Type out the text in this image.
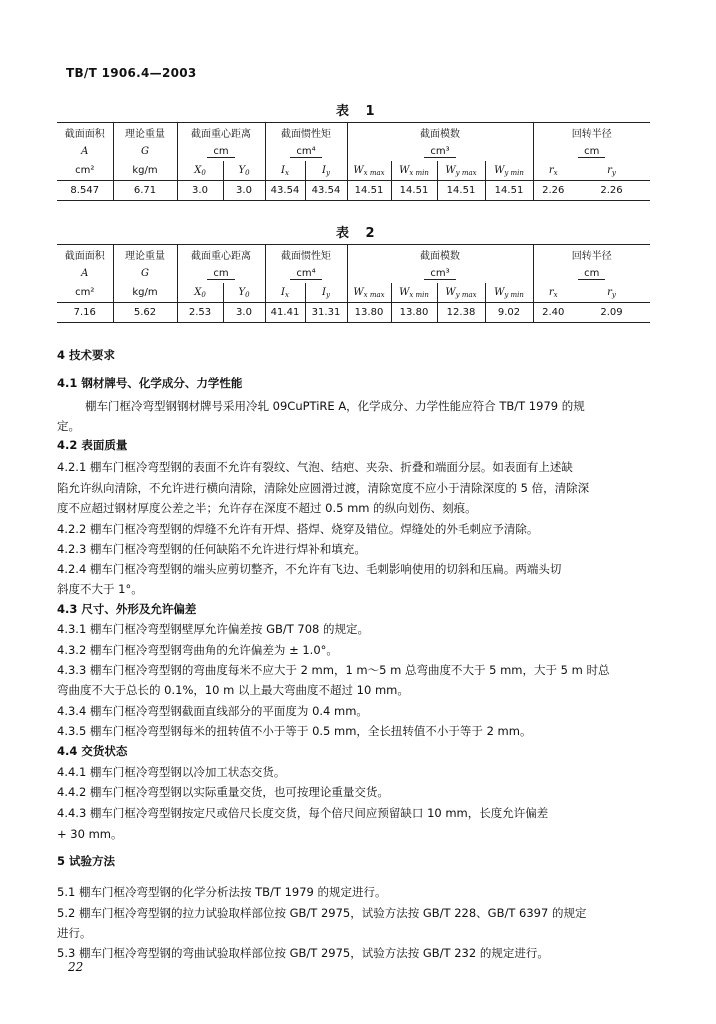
TB/T 1906.4—2003
表 1
截面面积	理论重量	截面重心距离		截面惯性矩		截面模数				回转半径	
A	G	cm		cm⁴		cm³				cm	
cm²	kg/m	$X_0$	$Y_0$	$I_x$	$I_y$	$W_{x max}$	$W_{x min}$	$W_{y max}$	$W_{y min}$	$r_x$	$r_y$
8.547	6.71	3.0	3.0	43.54	43.54	14.51	14.51	14.51	14.51	2.26	2.26
表 2
截面面积	理论重量	截面重心距离		截面惯性矩		截面模数				回转半径	
A	G	cm		cm⁴		cm³				cm	
cm²	kg/m	$X_0$	$Y_0$	$I_x$	$I_y$	$W_{x max}$	$W_{x min}$	$W_{y max}$	$W_{y min}$	$r_x$	$r_y$
7.16	5.62	2.53	3.0	41.41	31.31	13.80	13.80	12.38	9.02	2.40	2.09
4 技术要求
4.1 钢材牌号、化学成分、力学性能
棚车门框冷弯型钢钢材牌号采用冷轧 09CuPTiRE A，化学成分、力学性能应符合 TB/T 1979 的规
定。
4.2 表面质量
4.2.1 棚车门框冷弯型钢的表面不允许有裂纹、气泡、结疤、夹杂、折叠和端面分层。如表面有上述缺
陷允许纵向清除，不允许进行横向清除，清除处应圆滑过渡，清除宽度不应小于清除深度的 5 倍，清除深
度不应超过钢材厚度公差之半；允许存在深度不超过 0.5 mm 的纵向划伤、刻痕。
4.2.2 棚车门框冷弯型钢的焊缝不允许有开焊、搭焊、烧穿及错位。焊缝处的外毛刺应予清除。
4.2.3 棚车门框冷弯型钢的任何缺陷不允许进行焊补和填充。
4.2.4 棚车门框冷弯型钢的端头应剪切整齐，不允许有飞边、毛刺影响使用的切斜和压扁。两端头切
斜度不大于 1°。
4.3 尺寸、外形及允许偏差
4.3.1 棚车门框冷弯型钢壁厚允许偏差按 GB/T 708 的规定。
4.3.2 棚车门框冷弯型钢弯曲角的允许偏差为 ± 1.0°。
4.3.3 棚车门框冷弯型钢的弯曲度每米不应大于 2 mm，1 m～5 m 总弯曲度不大于 5 mm，大于 5 m 时总
弯曲度不大于总长的 0.1%，10 m 以上最大弯曲度不超过 10 mm。
4.3.4 棚车门框冷弯型钢截面直线部分的平面度为 0.4 mm。
4.3.5 棚车门框冷弯型钢每米的扭转值不小于等于 0.5 mm，全长扭转值不小于等于 2 mm。
4.4 交货状态
4.4.1 棚车门框冷弯型钢以冷加工状态交货。
4.4.2 棚车门框冷弯型钢以实际重量交货，也可按理论重量交货。
4.4.3 棚车门框冷弯型钢按定尺或倍尺长度交货，每个倍尺间应预留缺口 10 mm，长度允许偏差
+ 30 mm。
5 试验方法
5.1 棚车门框冷弯型钢的化学分析法按 TB/T 1979 的规定进行。
5.2 棚车门框冷弯型钢的拉力试验取样部位按 GB/T 2975，试验方法按 GB/T 228、GB/T 6397 的规定
进行。
5.3 棚车门框冷弯型钢的弯曲试验取样部位按 GB/T 2975，试验方法按 GB/T 232 的规定进行。
22
